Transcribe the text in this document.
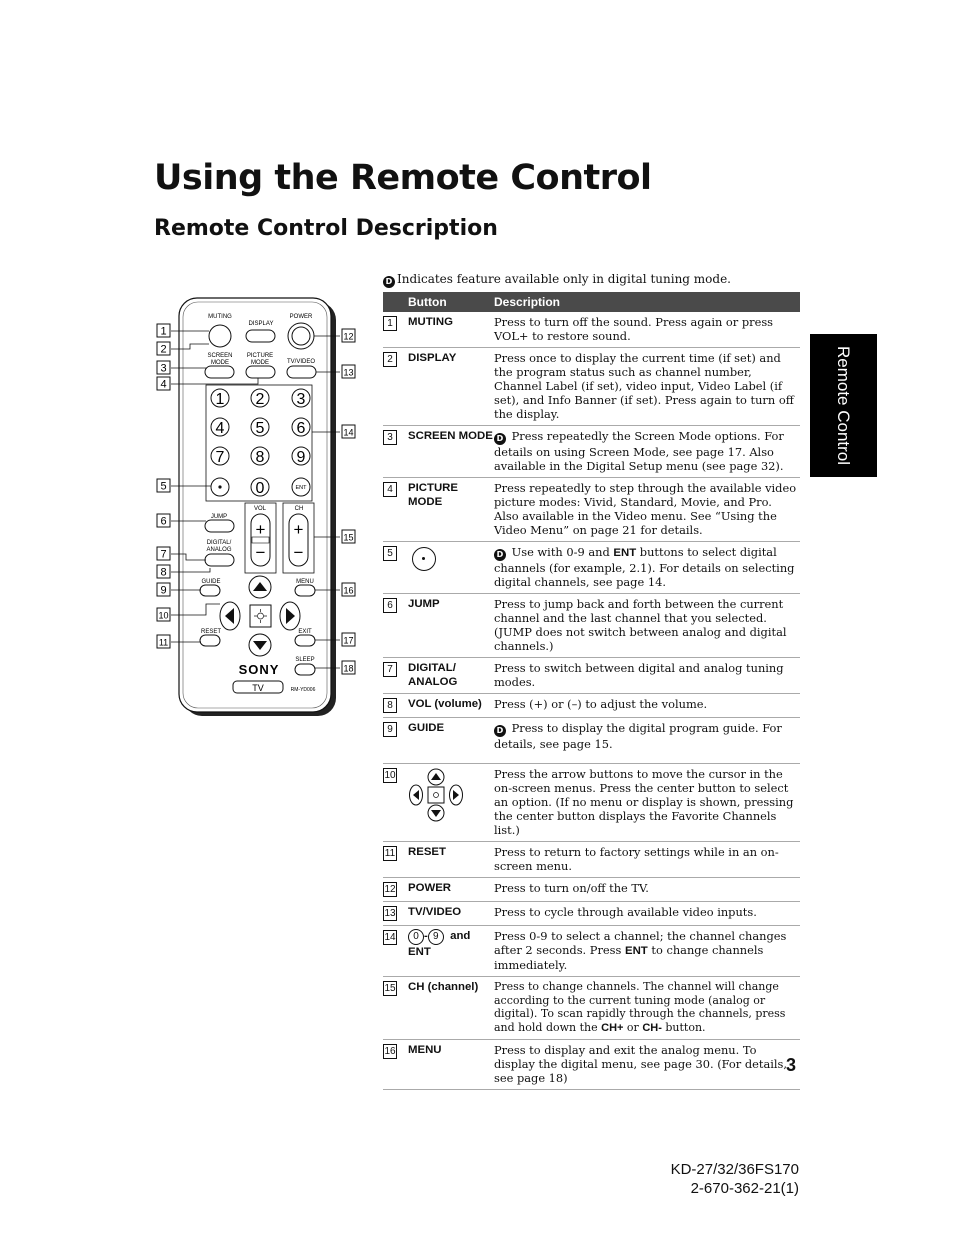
Using the Remote Control
Remote Control Description
D Indicates feature available only in digital tuning mode.
Remote Control
MUTING
DISPLAY
POWER
SCREEN
MODE
PICTURE
MODE	TV/VIDEO
1 2 3
4 5 6
7 8 9
0	ENT
VOL	CH
+
−
+
−
JUMP
DIGITAL/
ANALOG
GUIDE	MENU
RESET	EXIT
SLEEP
SONY
TV	RM-YD006
1
2
3
4
5
6
7
8
9
10
11
12
13
14
15
16
17
18
	Button	Description
1	MUTING	Press to turn off the sound. Press again or press VOL+ to restore sound.
2	DISPLAY	Press once to display the current time (if set) and the program status such as channel number, Channel Label (if set), video input, Video Label (if set), and Info Banner (if set). Press again to turn off the display.
3	SCREEN MODE	D Press repeatedly the Screen Mode options. For details on using Screen Mode, see page 17. Also available in the Digital Setup menu (see page 32).
4	PICTURE MODE	Press repeatedly to step through the available video picture modes: Vivid, Standard, Movie, and Pro. Also available in the Video menu. See “Using the Video Menu” on page 21 for details.
5		D Use with 0-9 and ENT buttons to select digital channels (for example, 2.1). For details on selecting digital channels, see page 14.
6	JUMP	Press to jump back and forth between the current channel and the last channel that you selected. (JUMP does not switch between analog and digital channels.)
7	DIGITAL/ ANALOG	Press to switch between digital and analog tuning modes.
8	VOL (volume)	Press (+) or (–) to adjust the volume.
9	GUIDE	D Press to display the digital program guide. For details, see page 15.
10		Press the arrow buttons to move the cursor in the on-screen menus. Press the center button to select an option. (If no menu or display is shown, pressing the center button displays the Favorite Channels list.)
11	RESET	Press to return to factory settings while in an on-screen menu.
12	POWER	Press to turn on/off the TV.
13	TV/VIDEO	Press to cycle through available video inputs.
14	0 - 9 and
ENT	Press 0-9 to select a channel; the channel changes after 2 seconds. Press ENT to change channels immediately.
15	CH (channel)	Press to change channels. The channel will change according to the current tuning mode (analog or digital). To scan rapidly through the channels, press and hold down the CH+ or CH- button.
16	MENU	Press to display and exit the analog menu. To display the digital menu, see page 30. (For details, see page 18)
3
KD-27/32/36FS170
2-670-362-21(1)
